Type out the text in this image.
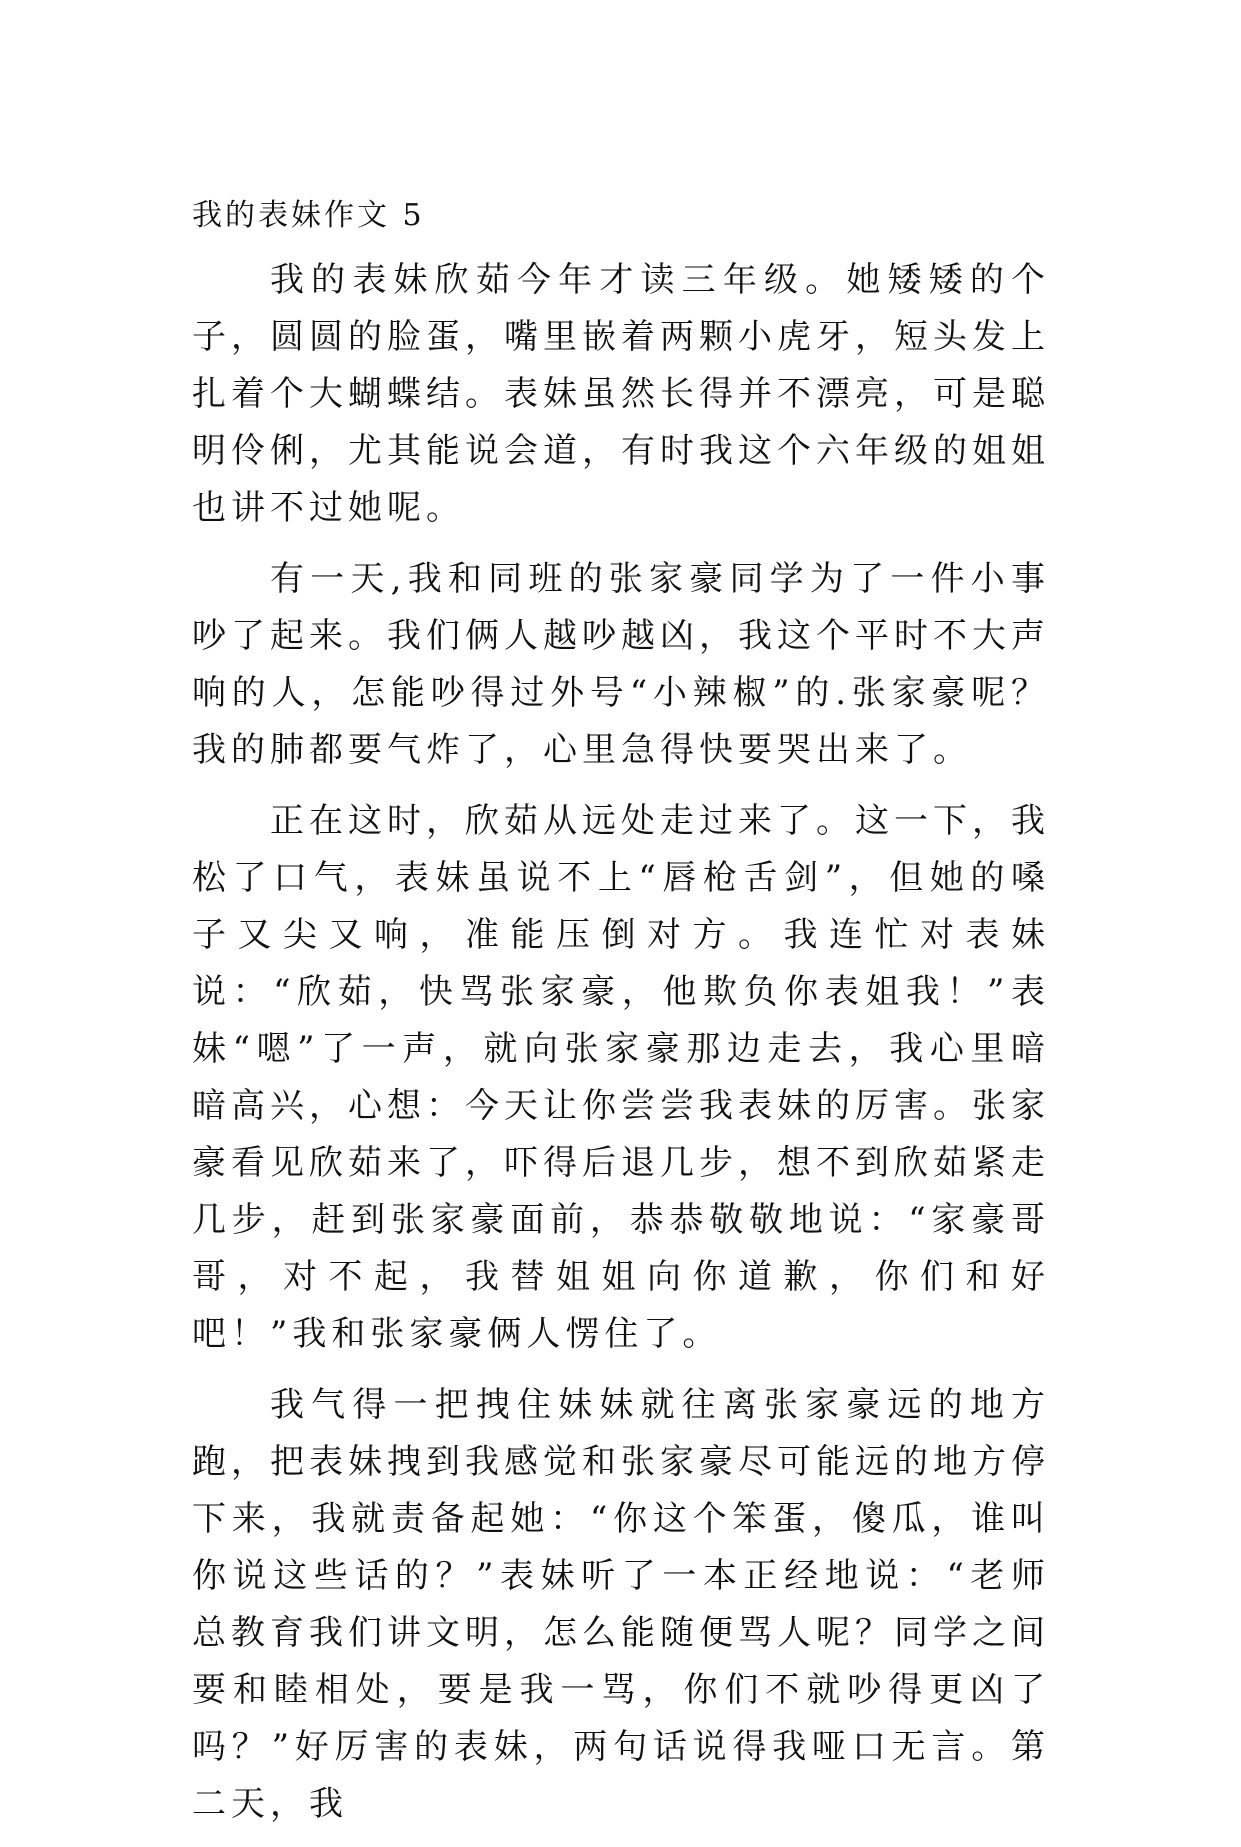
我的表妹作文 5

我的表妹欣茹今年才读三年级。她矮矮的个子，圆圆的脸蛋，嘴里嵌着两颗小虎牙，短头发上扎着个大蝴蝶结。表妹虽然长得并不漂亮，可是聪明伶俐，尤其能说会道，有时我这个六年级的姐姐也讲不过她呢。

有一天,我和同班的张家豪同学为了一件小事吵了起来。我们俩人越吵越凶，我这个平时不大声响的人，怎能吵得过外号“小辣椒”的.张家豪呢？我的肺都要气炸了，心里急得快要哭出来了。

正在这时，欣茹从远处走过来了。这一下，我松了口气，表妹虽说不上“唇枪舌剑”，但她的嗓子又尖又响，准能压倒对方。我连忙对表妹说：“欣茹，快骂张家豪，他欺负你表姐我！”表妹“嗯”了一声，就向张家豪那边走去，我心里暗暗高兴，心想：今天让你尝尝我表妹的厉害。张家豪看见欣茹来了，吓得后退几步，想不到欣茹紧走几步，赶到张家豪面前，恭恭敬敬地说：“家豪哥哥，对不起，我替姐姐向你道歉，你们和好吧！”我和张家豪俩人愣住了。

我气得一把拽住妹妹就往离张家豪远的地方跑，把表妹拽到我感觉和张家豪尽可能远的地方停下来，我就责备起她：“你这个笨蛋，傻瓜，谁叫你说这些话的？”表妹听了一本正经地说：“老师总教育我们讲文明，怎么能随便骂人呢？同学之间要和睦相处，要是我一骂，你们不就吵得更凶了吗？”好厉害的表妹，两句话说得我哑口无言。第二天，我
